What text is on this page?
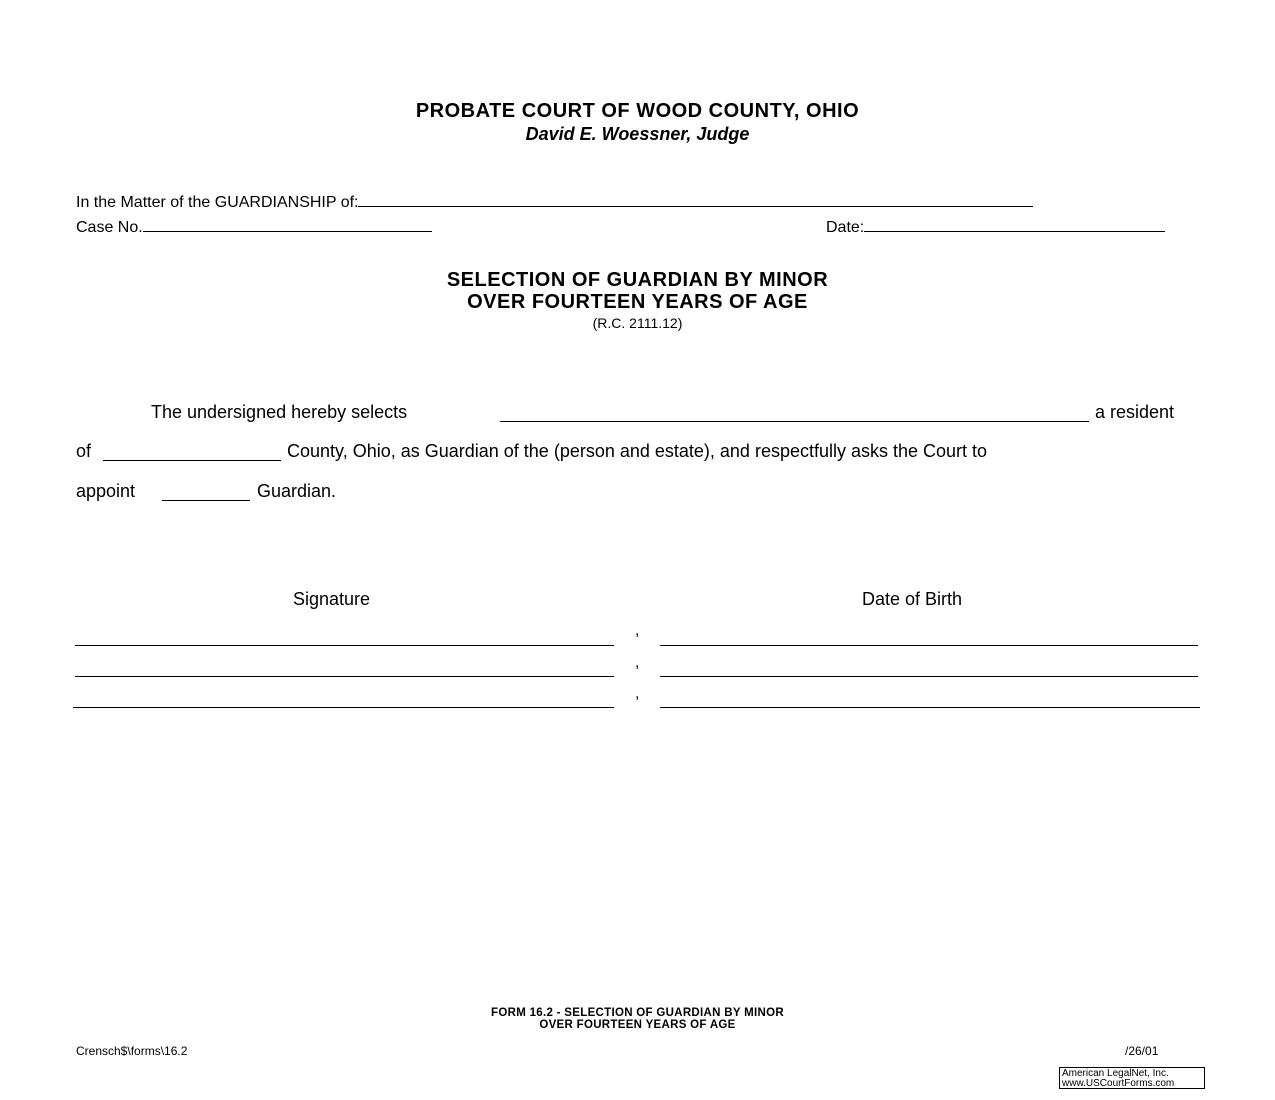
PROBATE COURT OF WOOD COUNTY, OHIO
David E. Woessner, Judge
In the Matter of the GUARDIANSHIP of:
Case No.	Date:
SELECTION OF GUARDIAN BY MINOR
OVER FOURTEEN YEARS OF AGE
(R.C. 2111.12)
The undersigned hereby selects	a resident
of	County, Ohio, as Guardian of the (person and estate), and respectfully asks the Court to
appoint	Guardian.
Signature	Date of Birth
,
,
,
FORM 16.2 - SELECTION OF GUARDIAN BY MINOR
OVER FOURTEEN YEARS OF AGE
Crensch$\forms\16.2	/26/01
American LegalNet, Inc.
www.USCourtForms.com
